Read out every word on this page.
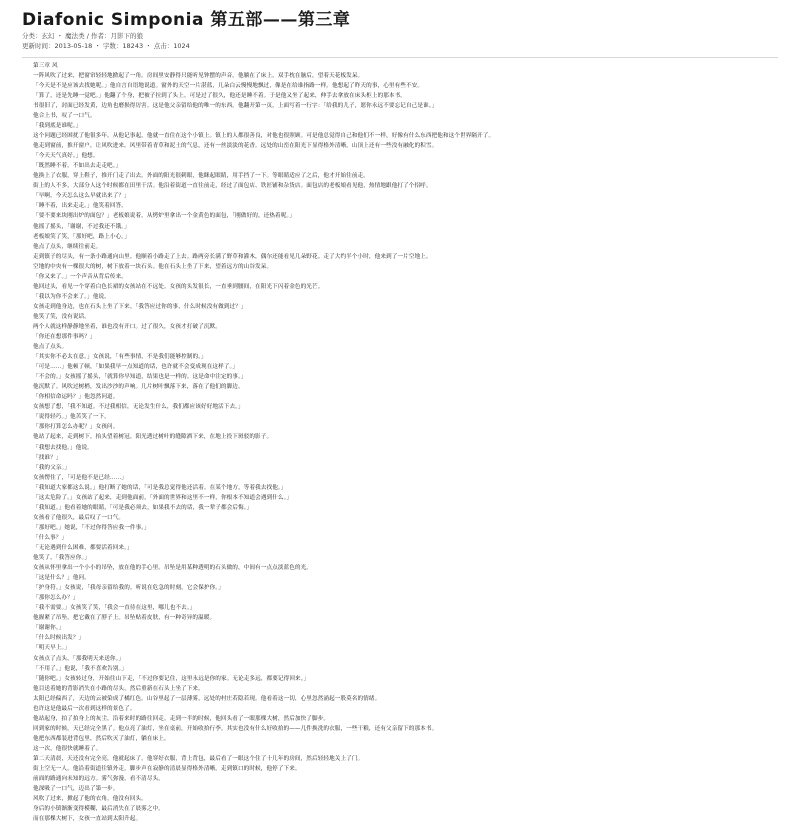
Diafonic Simponia 第五部——第三章
分类：玄幻 ・ 魔法类 / 作者：月影下的狼
更新时间：2013-05-18 ・ 字数：18243 ・ 点击：1024

第三章 风

一阵风吹了过来，把窗帘轻轻地掀起了一角。房间里安静得只能听见钟摆的声音。他躺在了床上，双手枕在脑后，望着天花板发呆。

「今天是不是应该去找她呢。」他自言自语地说道。窗外的天空一片湛蓝，几朵白云慢慢地飘过，像是在给谁指路一样。他想起了昨天的事，心里有些不安。

「算了，还是先睡一觉吧。」他翻了个身，把被子拉到了头上。可是过了很久，他还是睡不着。于是他又坐了起来，伸手去拿放在床头柜上的那本书。

书很旧了，封面已经发黄，边角也磨损得厉害。这是他父亲留给他的唯一的东西。他翻开第一页，上面写着一行字：「给我的儿子，愿你永远不要忘记自己是谁。」

他合上书，叹了一口气。

「我到底是谁呢。」

这个问题已经困扰了他很多年。从他记事起，他就一直住在这个小镇上。镇上的人都很善良，对他也很照顾。可是他总觉得自己和他们不一样，好像有什么东西把他和这个世界隔开了。

他走到窗前，推开窗户，让风吹进来。风里带着青草和泥土的气息，还有一丝淡淡的花香。远处的山峦在阳光下显得格外清晰，山顶上还有一些没有融化的积雪。

「今天天气真好。」他想。

「既然睡不着，不如出去走走吧。」

他换上了衣服，穿上鞋子，推开门走了出去。外面的阳光很刺眼，他眯起眼睛，用手挡了一下。等眼睛适应了之后，他才开始往前走。

街上的人不多，大部分人这个时候都在田里干活。他沿着街道一直往前走，经过了面包店、铁匠铺和杂货店。面包店的老板娘看见他，热情地跟他打了个招呼。

「早啊，今天怎么这么早就出来了？」

「睡不着，出来走走。」他笑着回答。

「要不要来块刚出炉的面包？」老板娘说着，从烤炉里拿出一个金黄色的面包，「刚做好的，还热着呢。」

他摇了摇头，「谢谢，不过我还不饿。」

老板娘笑了笑，「那好吧，路上小心。」

他点了点头，继续往前走。

走到镇子的尽头，有一条小路通向山里。他顺着小路走了上去。路两旁长满了野草和灌木，偶尔还能看见几朵野花。走了大约半个小时，他来到了一片空地上。

空地的中央有一棵很大的树，树下放着一块石头。他在石头上坐了下来，望着远方的山谷发呆。

「你又来了。」一个声音从背后传来。

他回过头，看见一个穿着白色长裙的女孩站在不远处。女孩的头发很长，一直垂到腰间，在阳光下闪着金色的光芒。

「我以为你不会来了。」他说。

女孩走到他身边，也在石头上坐了下来。「我答应过你的事，什么时候没有做到过？」

他笑了笑，没有说话。

两个人就这样静静地坐着，谁也没有开口。过了很久，女孩才打破了沉默。

「你还在想那件事吗？」

他点了点头。

「其实你不必太在意。」女孩说，「有些事情，不是我们能够控制的。」

「可是……」他顿了顿，「如果我早一点知道的话，也许就不会变成现在这样了。」

「不会的。」女孩摇了摇头，「就算你早知道，结果也是一样的。这是命中注定的事。」

他沉默了。风吹过树梢，发出沙沙的声响。几片树叶飘落下来，落在了他们的脚边。

「你相信命运吗？」他忽然问道。

女孩想了想，「我不知道。不过我相信，无论发生什么，我们都应该好好地活下去。」

「说得轻巧。」他苦笑了一下。

「那你打算怎么办呢？」女孩问。

他站了起来，走到树下，抬头望着树冠。阳光透过树叶的缝隙洒下来，在地上投下斑驳的影子。

「我想去找他。」他说。

「找谁？」

「我的父亲。」

女孩愣住了，「可是他不是已经……」

「我知道大家都这么说。」他打断了她的话，「可是我总觉得他还活着。在某个地方，等着我去找他。」

「这太危险了。」女孩站了起来，走到他面前，「外面的世界和这里不一样，你根本不知道会遇到什么。」

「我知道。」他看着她的眼睛，「可是我必须去。如果我不去的话，我一辈子都会后悔。」

女孩看了他很久，最后叹了一口气。

「那好吧。」她说，「不过你得答应我一件事。」

「什么事？」

「无论遇到什么困难，都要活着回来。」

他笑了，「我答应你。」

女孩从怀里拿出一个小小的吊坠，放在他的手心里。吊坠是用某种透明的石头做的，中间有一点点淡蓝色的光。

「这是什么？」他问。

「护身符。」女孩说，「我母亲留给我的。听说在危急的时刻，它会保护你。」

「那你怎么办？」

「我不需要。」女孩笑了笑，「我会一直待在这里，哪儿也不去。」

他握紧了吊坠，把它戴在了脖子上。吊坠贴着皮肤，有一种奇异的温暖。

「谢谢你。」

「什么时候出发？」

「明天早上。」

女孩点了点头，「那我明天来送你。」

「不用了。」他说，「我不喜欢告别。」

「随你吧。」女孩转过身，开始往山下走，「不过你要记住，这里永远是你的家。无论走多远，都要记得回来。」

他目送着她的背影消失在小路的尽头，然后重新在石头上坐了下来。

太阳已经偏西了，天边的云被染成了橘红色。山谷里起了一层薄雾，远处的村庄若隐若现。他看着这一切，心里忽然涌起一股莫名的情绪。

也许这是他最后一次看到这样的景色了。

他站起身，拍了拍身上的灰尘，沿着来时的路往回走。走到一半的时候，他回头看了一眼那棵大树，然后加快了脚步。

回到家的时候，天已经完全黑了。他点亮了油灯，坐在桌前，开始收拾行李。其实也没有什么好收拾的——几件换洗的衣服，一些干粮，还有父亲留下的那本书。

他把东西都装进背包里，然后吹灭了油灯，躺在床上。

这一次，他很快就睡着了。

第二天清晨，天还没有完全亮，他就起床了。他穿好衣服，背上背包，最后看了一眼这个住了十几年的房间，然后轻轻地关上了门。

街上空无一人。他沿着街道往镇外走，脚步声在寂静的清晨显得格外清晰。走到镇口的时候，他停了下来。

前面的路通向未知的远方。雾气弥漫，看不清尽头。

他深吸了一口气，迈出了第一步。

风吹了过来，掀起了他的衣角。他没有回头。

身后的小镇渐渐变得模糊，最后消失在了晨雾之中。

而在那棵大树下，女孩一直站到太阳升起。
